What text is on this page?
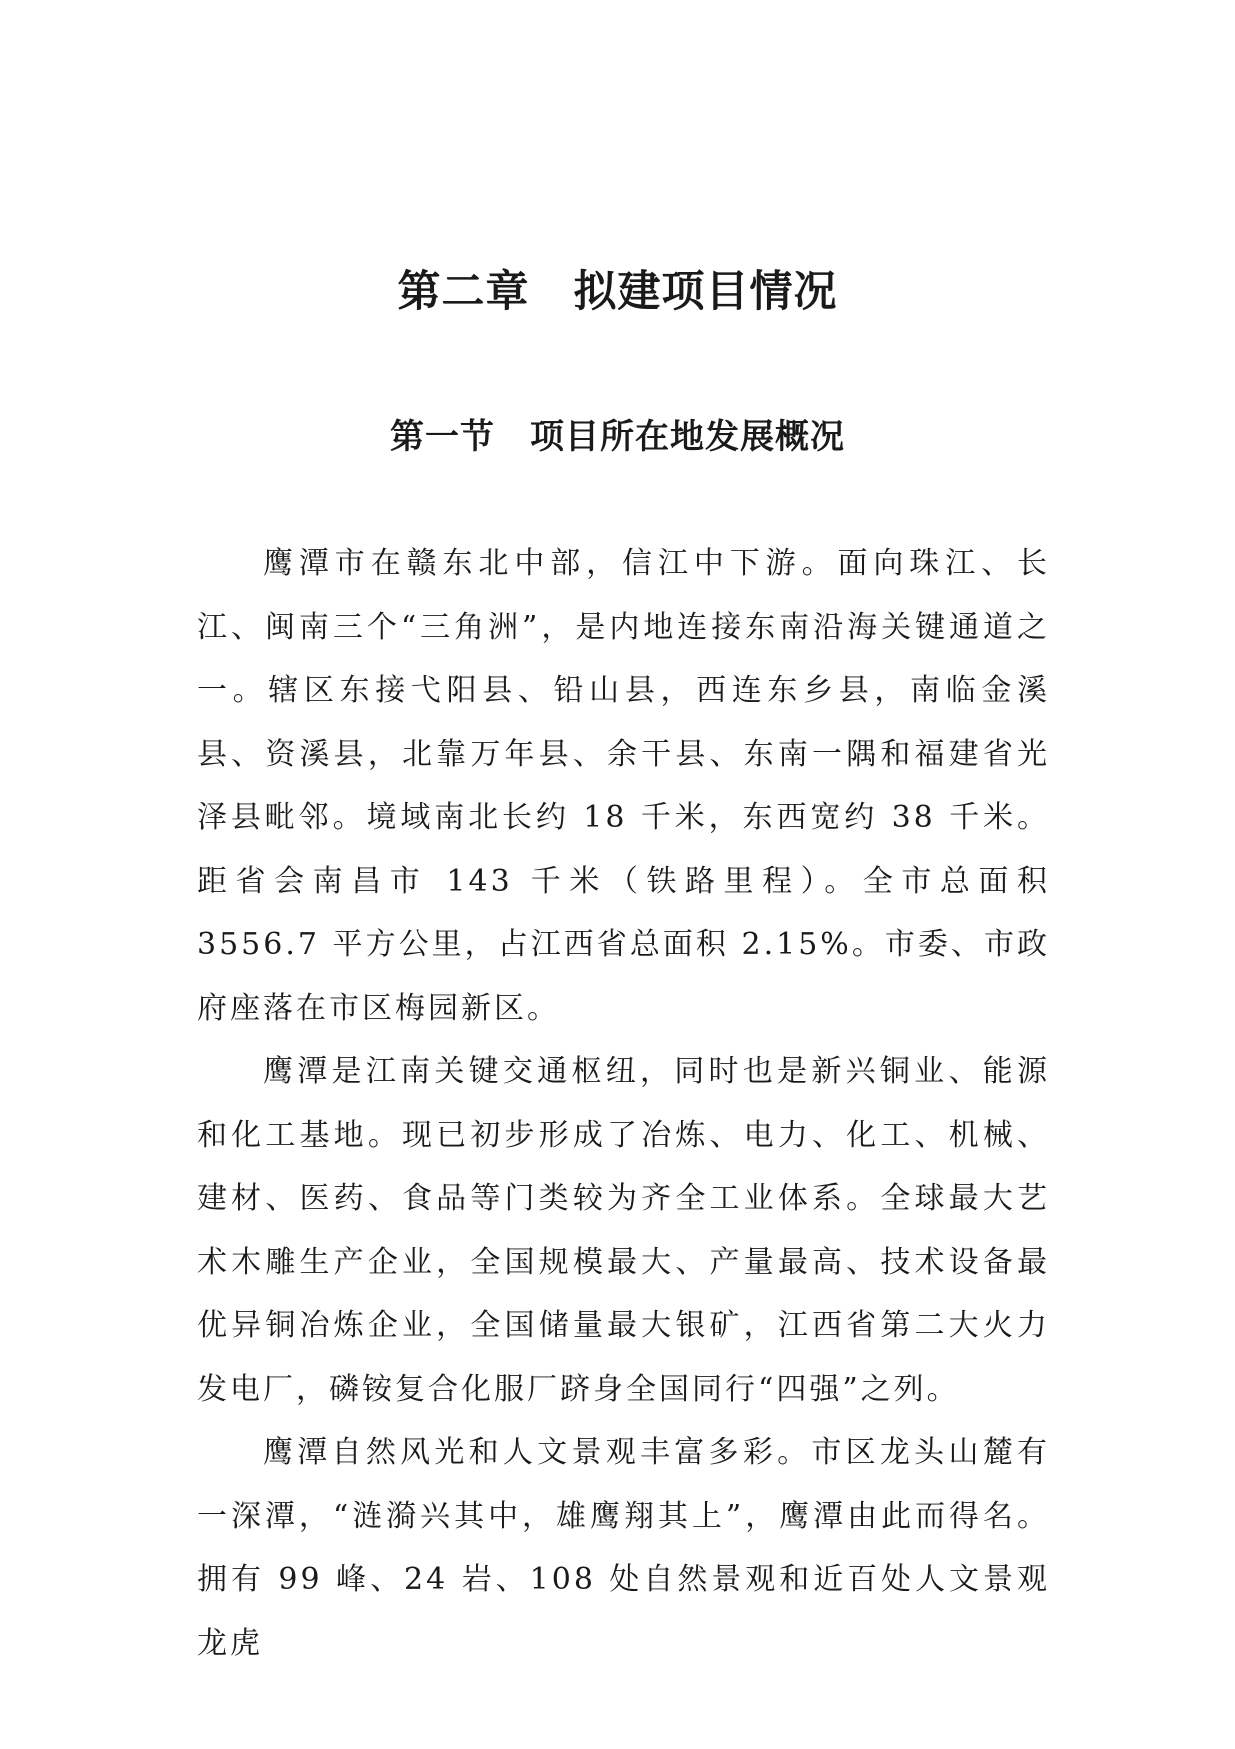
第二章　拟建项目情况
第一节　项目所在地发展概况

鹰潭市在赣东北中部，信江中下游。面向珠江、长江、闽南三个“三角洲”，是内地连接东南沿海关键通道之一。辖区东接弋阳县、铅山县，西连东乡县，南临金溪县、资溪县，北靠万年县、余干县、东南一隅和福建省光泽县毗邻。境域南北长约 18 千米，东西宽约 38 千米。距省会南昌市 143 千米（铁路里程）。全市总面积 3556.7 平方公里，占江西省总面积 2.15%。市委、市政府座落在市区梅园新区。

鹰潭是江南关键交通枢纽，同时也是新兴铜业、能源和化工基地。现已初步形成了冶炼、电力、化工、机械、建材、医药、食品等门类较为齐全工业体系。全球最大艺术木雕生产企业，全国规模最大、产量最高、技术设备最优异铜冶炼企业，全国储量最大银矿，江西省第二大火力发电厂，磷铵复合化服厂跻身全国同行“四强”之列。

鹰潭自然风光和人文景观丰富多彩。市区龙头山麓有一深潭，“涟漪兴其中，雄鹰翔其上”，鹰潭由此而得名。拥有 99 峰、24 岩、108 处自然景观和近百处人文景观龙虎
